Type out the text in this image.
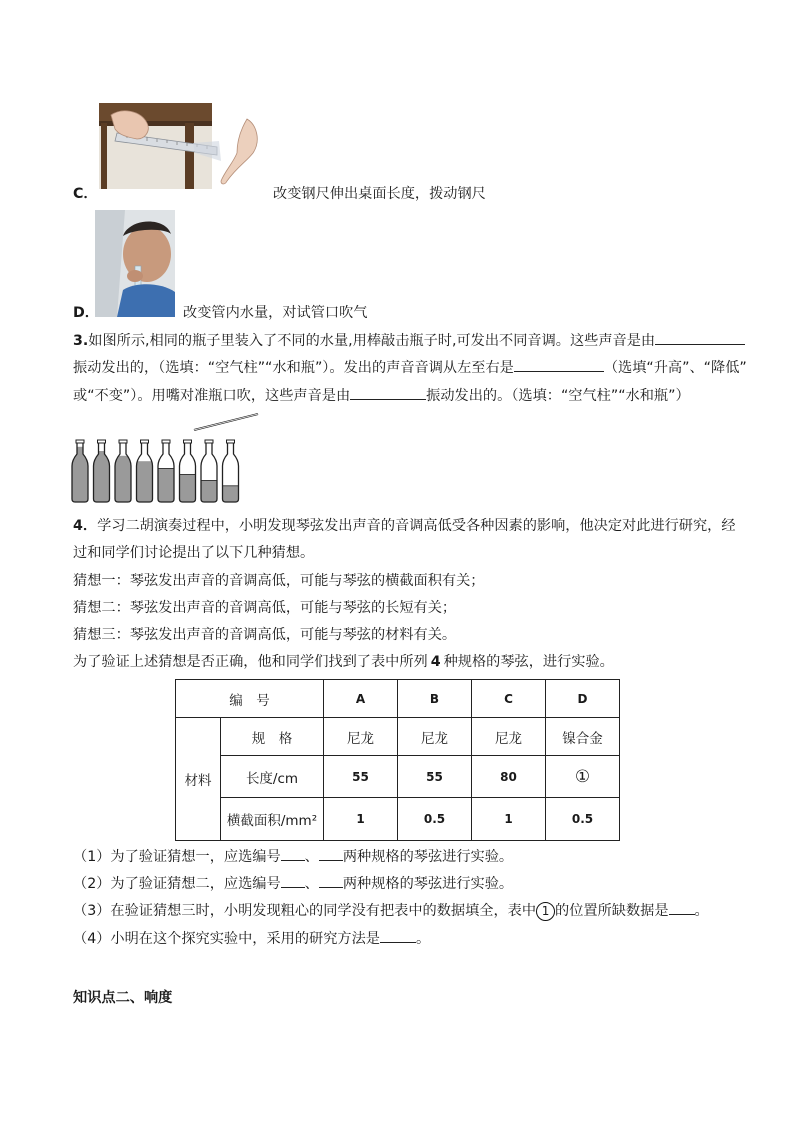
C．	改变钢尺伸出桌面长度，拨动钢尺
D．	改变管内水量，对试管口吹气
3.如图所示,相同的瓶子里装入了不同的水量,用棒敲击瓶子时,可发出不同音调。这些声音是由
振动发出的，（选填：“空气柱”“水和瓶”）。发出的声音音调从左至右是	（选填“升高”、“降低”
或“不变”）。用嘴对准瓶口吹，这些声音是由	振动发出的。（选填：“空气柱”“水和瓶”）
4．学习二胡演奏过程中，小明发现琴弦发出声音的音调高低受各种因素的影响，他决定对此进行研究，经
过和同学们讨论提出了以下几种猜想。
猜想一：琴弦发出声音的音调高低，可能与琴弦的横截面积有关；
猜想二：琴弦发出声音的音调高低，可能与琴弦的长短有关；
猜想三：琴弦发出声音的音调高低，可能与琴弦的材料有关。
为了验证上述猜想是否正确，他和同学们找到了表中所列 4 种规格的琴弦，进行实验。
编　号		A	B	C	D
材料	规　格	尼龙	尼龙	尼龙	镍合金
	长度/cm	55	55	80	①
	横截面积/mm²	1	0.5	1	0.5
（1）为了验证猜想一，应选编号 、 两种规格的琴弦进行实验。
（2）为了验证猜想二，应选编号 、 两种规格的琴弦进行实验。
（3）在验证猜想三时，小明发现粗心的同学没有把表中的数据填全，表中 1 的位置所缺数据是 。
（4）小明在这个探究实验中，采用的研究方法是	。
知识点二、响度
